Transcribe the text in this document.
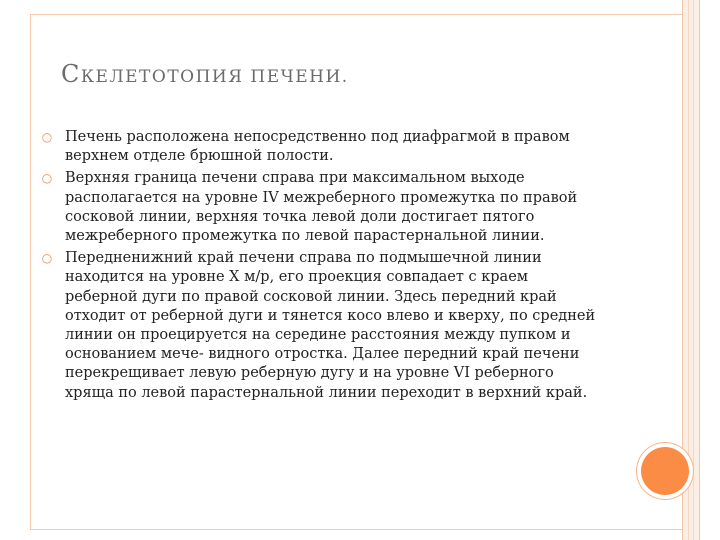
СКЕЛЕТОТОПИЯ ПЕЧЕНИ.
○ Печень расположена непосредственно под диафрагмой в правом верхнем отделе брюшной полости.
○ Верхняя граница печени справа при максимальном выходе располагается на уровне IV межреберного промежутка по правой сосковой линии, верхняя точка левой доли достигает пятого межреберного промежутка по левой парастернальной линии.
○ Передненижний край печени справа по подмышечной линии находится на уровне X м/р, его проекция совпадает с краем реберной дуги по правой сосковой линии. Здесь передний край отходит от реберной дуги и тянется косо влево и кверху, по средней линии он проецируется на середине расстояния между пупком и основанием мече- видного отростка. Далее передний край печени перекрещивает левую реберную дугу и на уровне VI реберного хряща по левой парастернальной линии переходит в верхний край.
